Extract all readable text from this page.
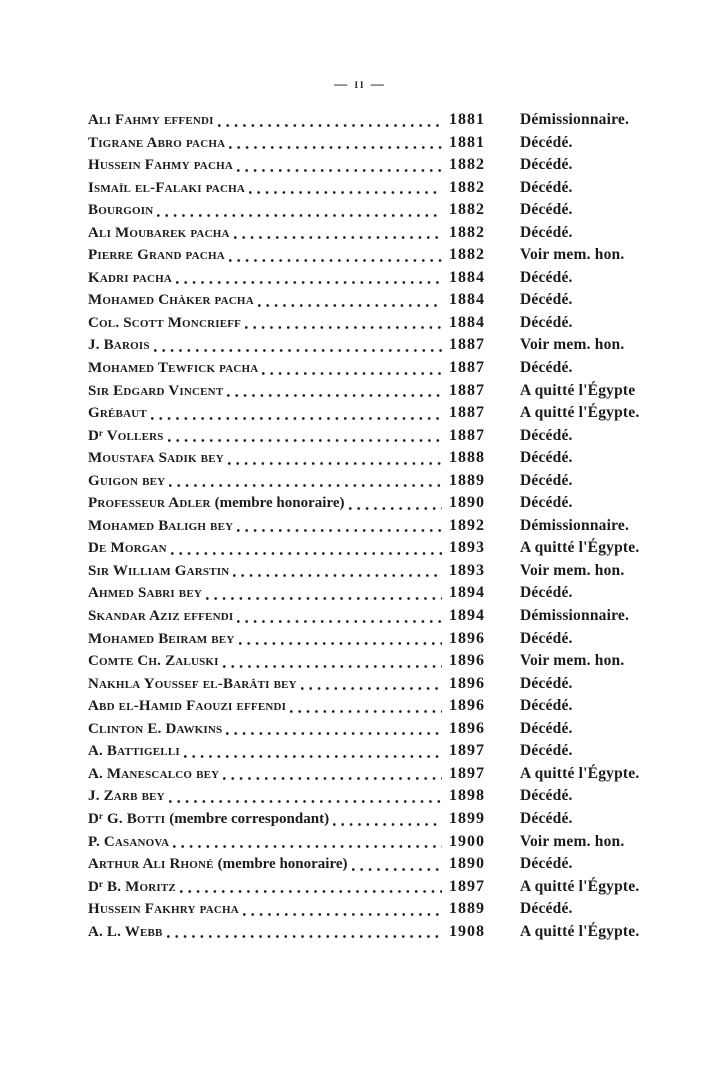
— ii —
Ali Fahmy effendi	1881	Démissionnaire.
Tigrane Abro pacha	1881	Décédé.
Hussein Fahmy pacha	1882	Décédé.
Ismaïl el-Falaki pacha	1882	Décédé.
Bourgoin	1882	Décédé.
Ali Moubarek pacha	1882	Décédé.
Pierre Grand pacha	1882	Voir mem. hon.
Kadri pacha	1884	Décédé.
Mohamed Chàker pacha	1884	Décédé.
Col. Scott Moncrieff	1884	Décédé.
J. Barois	1887	Voir mem. hon.
Mohamed Tewfick pacha	1887	Décédé.
Sir Edgard Vincent	1887	A quitté l'Égypte
Grébaut	1887	A quitté l'Égypte.
Dʳ Vollers	1887	Décédé.
Moustafa Sadik bey	1888	Décédé.
Guigon bey	1889	Décédé.
Professeur Adler (membre honoraire)	1890	Décédé.
Mohamed Baligh bey	1892	Démissionnaire.
De Morgan	1893	A quitté l'Égypte.
Sir William Garstin	1893	Voir mem. hon.
Ahmed Sabri bey	1894	Décédé.
Skandar Aziz effendi	1894	Démissionnaire.
Mohamed Beiram bey	1896	Décédé.
Comte Ch. Zaluski	1896	Voir mem. hon.
Nakhla Youssef el-Barâti bey	1896	Décédé.
Abd el-Hamid Faouzi effendi	1896	Décédé.
Clinton E. Dawkins	1896	Décédé.
A. Battigelli	1897	Décédé.
A. Manescalco bey	1897	A quitté l'Égypte.
J. Zarb bey	1898	Décédé.
Dʳ G. Botti (membre correspondant)	1899	Décédé.
P. Casanova	1900	Voir mem. hon.
Arthur Ali Rhoné (membre honoraire)	1890	Décédé.
Dʳ B. Moritz	1897	A quitté l'Égypte.
Hussein Fakhry pacha	1889	Décédé.
A. L. Webb	1908	A quitté l'Égypte.
